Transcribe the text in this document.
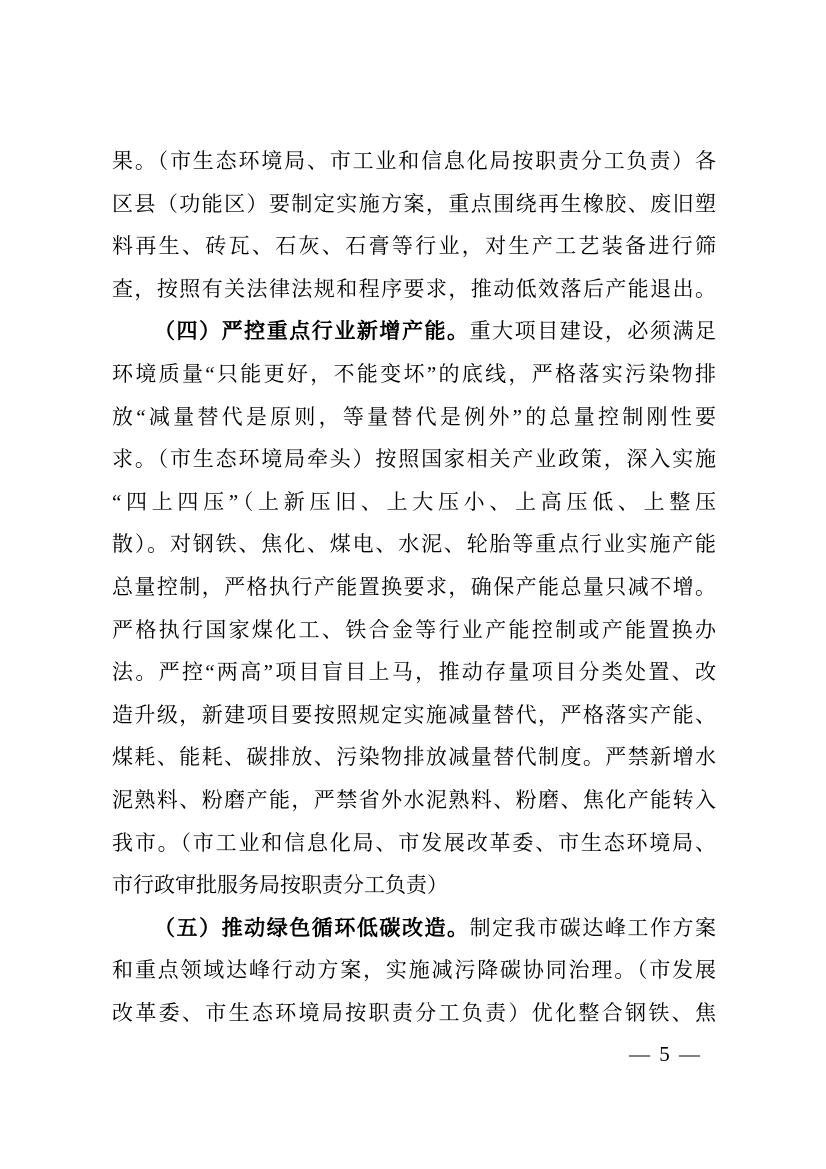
果。（市生态环境局、市工业和信息化局按职责分工负责）各
区县（功能区）要制定实施方案，重点围绕再生橡胶、废旧塑
料再生、砖瓦、石灰、石膏等行业，对生产工艺装备进行筛
查，按照有关法律法规和程序要求，推动低效落后产能退出。
（四）严控重点行业新增产能。重大项目建设，必须满足
环境质量“只能更好，不能变坏”的底线，严格落实污染物排
放“减量替代是原则，等量替代是例外”的总量控制刚性要
求。（市生态环境局牵头）按照国家相关产业政策，深入实施
“四上四压”（上新压旧、上大压小、上高压低、上整压
散）。对钢铁、焦化、煤电、水泥、轮胎等重点行业实施产能
总量控制，严格执行产能置换要求，确保产能总量只减不增。
严格执行国家煤化工、铁合金等行业产能控制或产能置换办
法。严控“两高”项目盲目上马，推动存量项目分类处置、改
造升级，新建项目要按照规定实施减量替代，严格落实产能、
煤耗、能耗、碳排放、污染物排放减量替代制度。严禁新增水
泥熟料、粉磨产能，严禁省外水泥熟料、粉磨、焦化产能转入
我市。（市工业和信息化局、市发展改革委、市生态环境局、
市行政审批服务局按职责分工负责）
（五）推动绿色循环低碳改造。制定我市碳达峰工作方案
和重点领域达峰行动方案，实施减污降碳协同治理。（市发展
改革委、市生态环境局按职责分工负责）优化整合钢铁、焦
— 5 —
